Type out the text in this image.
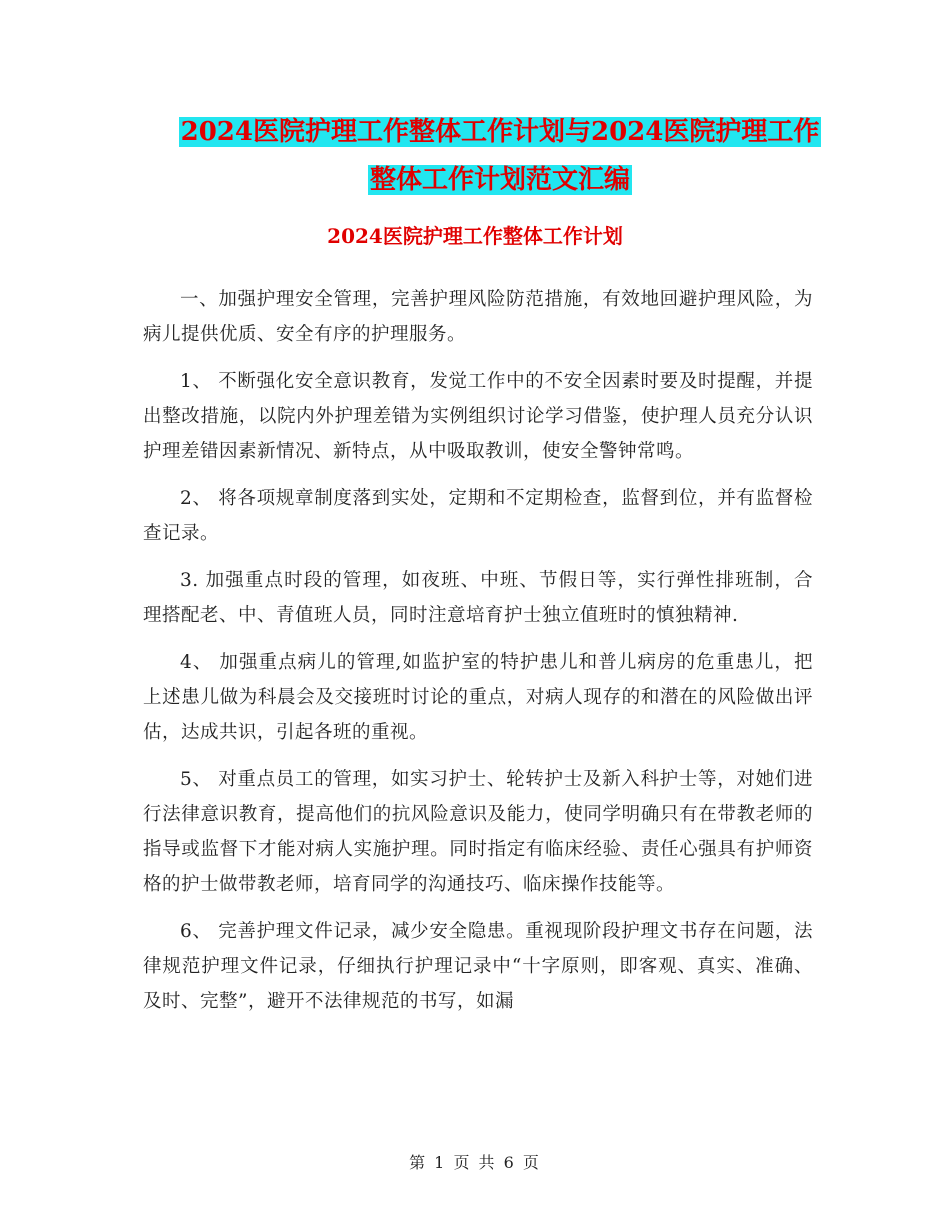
2024医院护理工作整体工作计划与2024医院护理工作
整体工作计划范文汇编
2024医院护理工作整体工作计划

一、加强护理安全管理，完善护理风险防范措施，有效地回避护理风险，为病儿提供优质、安全有序的护理服务。

1、 不断强化安全意识教育，发觉工作中的不安全因素时要及时提醒，并提出整改措施，以院内外护理差错为实例组织讨论学习借鉴，使护理人员充分认识护理差错因素新情况、新特点，从中吸取教训，使安全警钟常鸣。

2、 将各项规章制度落到实处，定期和不定期检查，监督到位，并有监督检查记录。

3. 加强重点时段的管理，如夜班、中班、节假日等，实行弹性排班制，合理搭配老、中、青值班人员，同时注意培育护士独立值班时的慎独精神.

4、 加强重点病儿的管理,如监护室的特护患儿和普儿病房的危重患儿，把上述患儿做为科晨会及交接班时讨论的重点，对病人现存的和潜在的风险做出评估，达成共识，引起各班的重视。

5、 对重点员工的管理，如实习护士、轮转护士及新入科护士等，对她们进行法律意识教育，提高他们的抗风险意识及能力，使同学明确只有在带教老师的指导或监督下才能对病人实施护理。同时指定有临床经验、责任心强具有护师资格的护士做带教老师，培育同学的沟通技巧、临床操作技能等。

6、 完善护理文件记录，减少安全隐患。重视现阶段护理文书存在问题，法律规范护理文件记录，仔细执行护理记录中“十字原则，即客观、真实、准确、及时、完整”，避开不法律规范的书写，如漏

第 1 页 共 6 页
